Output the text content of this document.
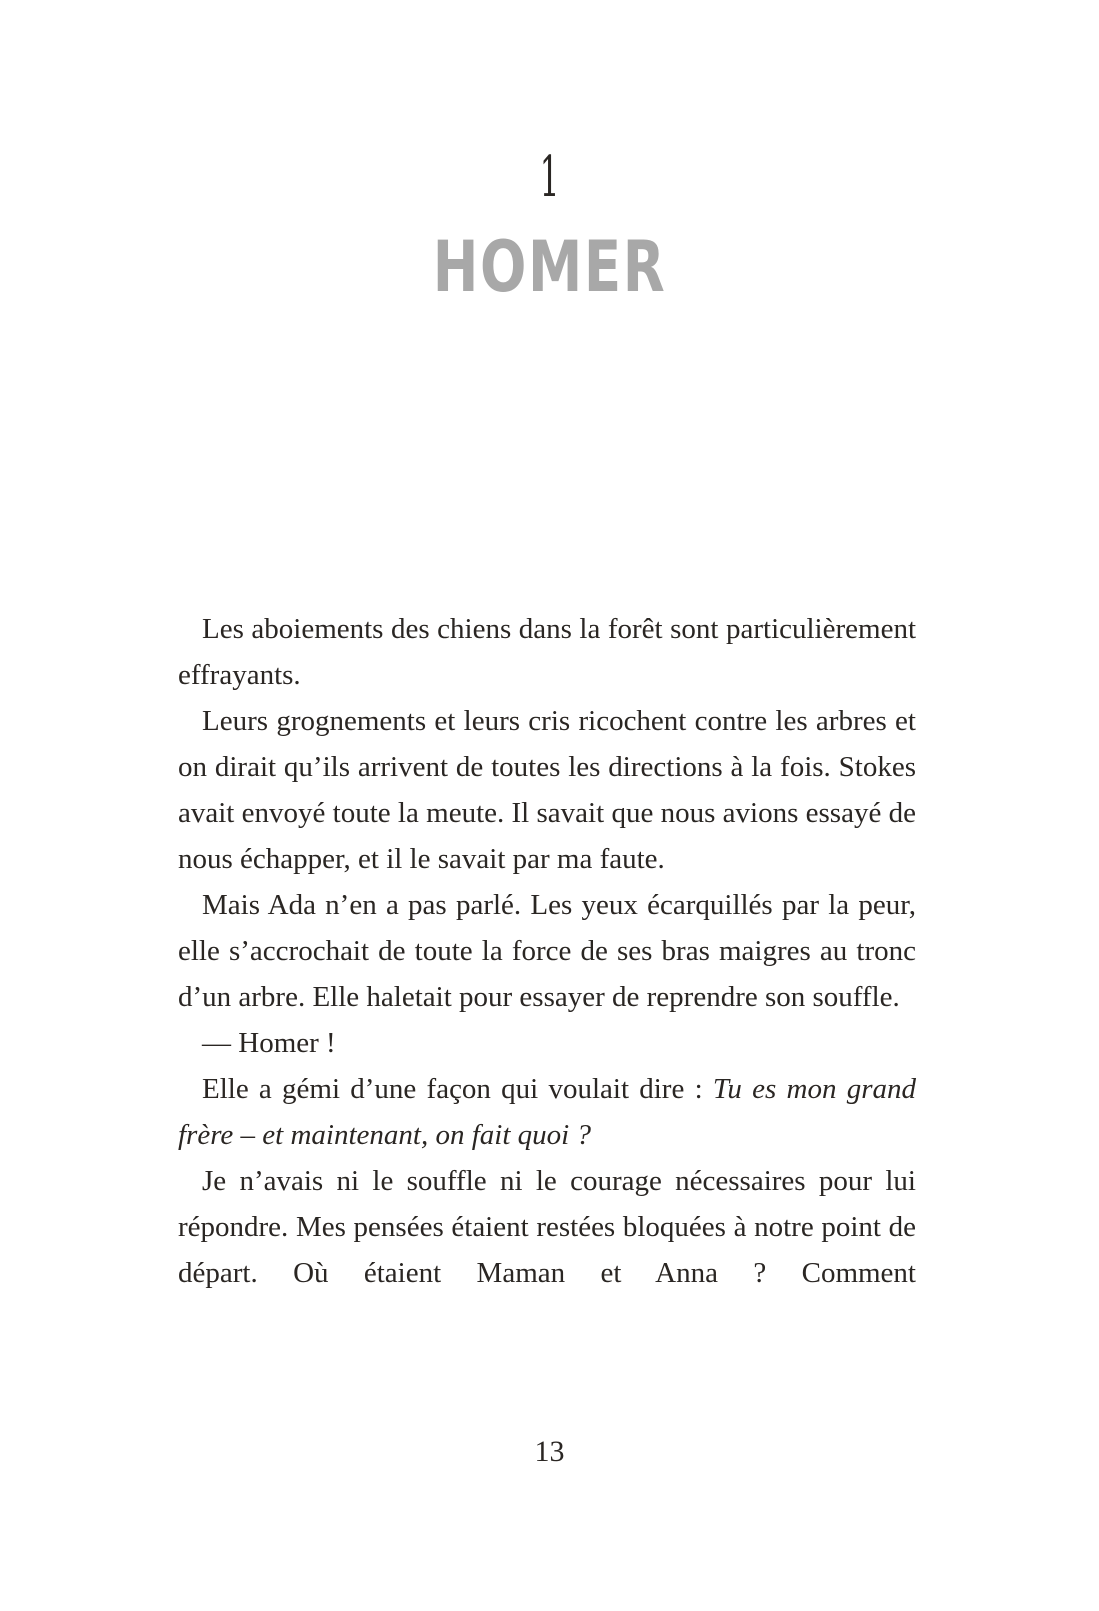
1
HOMER

Les aboiements des chiens dans la forêt sont particulièrement effrayants.

Leurs grognements et leurs cris ricochent contre les arbres et on dirait qu’ils arrivent de toutes les directions à la fois. Stokes avait envoyé toute la meute. Il savait que nous avions essayé de nous échapper, et il le savait par ma faute.

Mais Ada n’en a pas parlé. Les yeux écarquillés par la peur, elle s’accrochait de toute la force de ses bras maigres au tronc d’un arbre. Elle haletait pour essayer de reprendre son souffle.

— Homer !

Elle a gémi d’une façon qui voulait dire : Tu es mon grand frère – et maintenant, on fait quoi ?

Je n’avais ni le souffle ni le courage nécessaires pour lui répondre. Mes pensées étaient restées bloquées à notre point de départ. Où étaient Maman et Anna ? Comment

13
